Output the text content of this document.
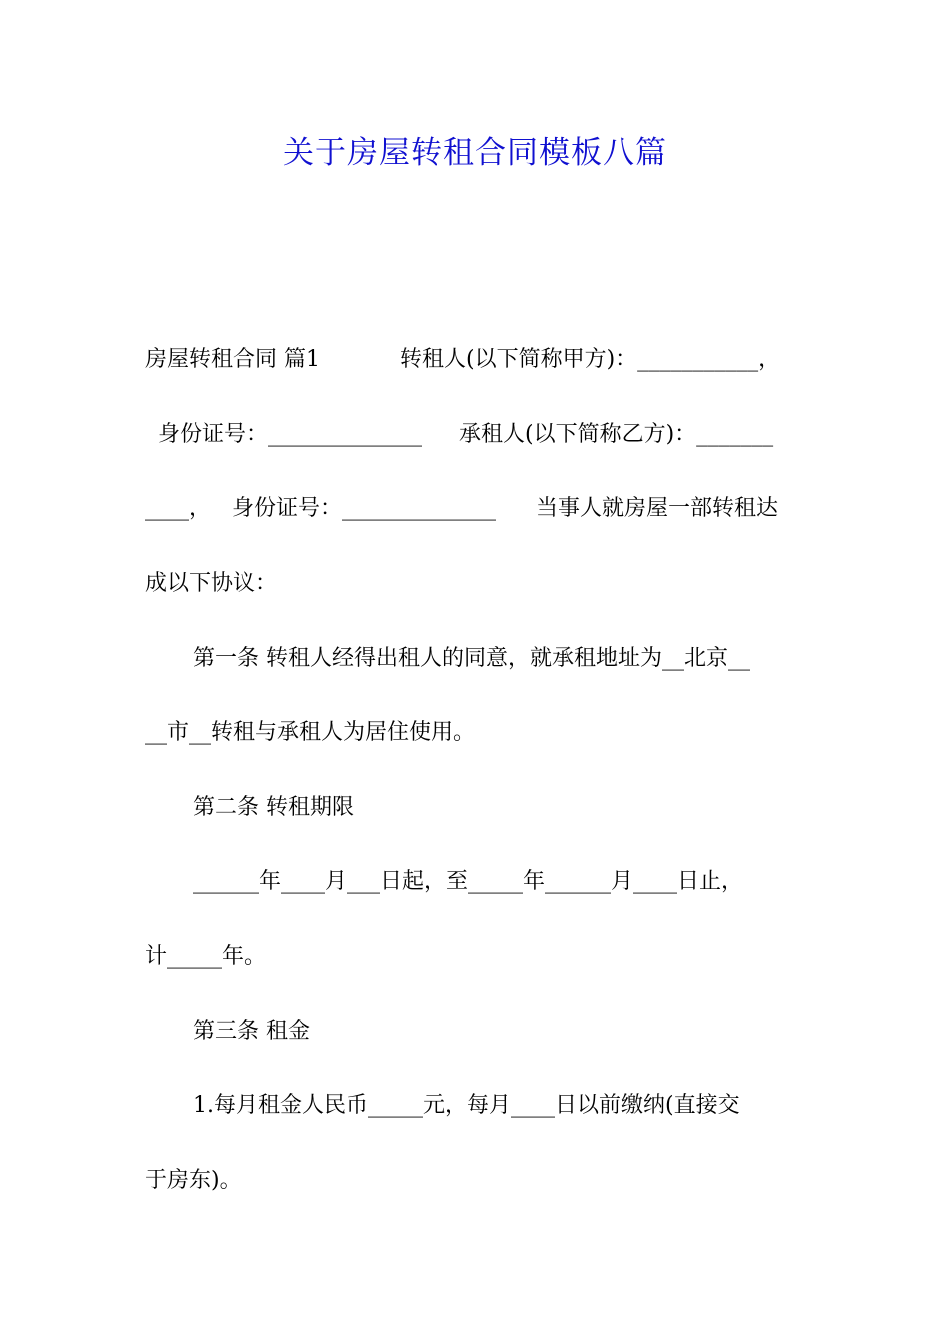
关于房屋转租合同模板八篇
房屋转租合同 篇1	转租人(以下简称甲方)：___________，
身份证号：______________ 承租人(以下简称乙方)：_______
____， 身份证号：______________ 当事人就房屋一部转租达
成以下协议：
第一条 转租人经得出租人的同意，就承租地址为__北京__
__市__转租与承租人为居住使用。
第二条 转租期限
______年____月___日起，至_____年______月____日止，
计_____年。
第三条 租金
1.每月租金人民币_____元，每月____日以前缴纳(直接交
于房东)。
